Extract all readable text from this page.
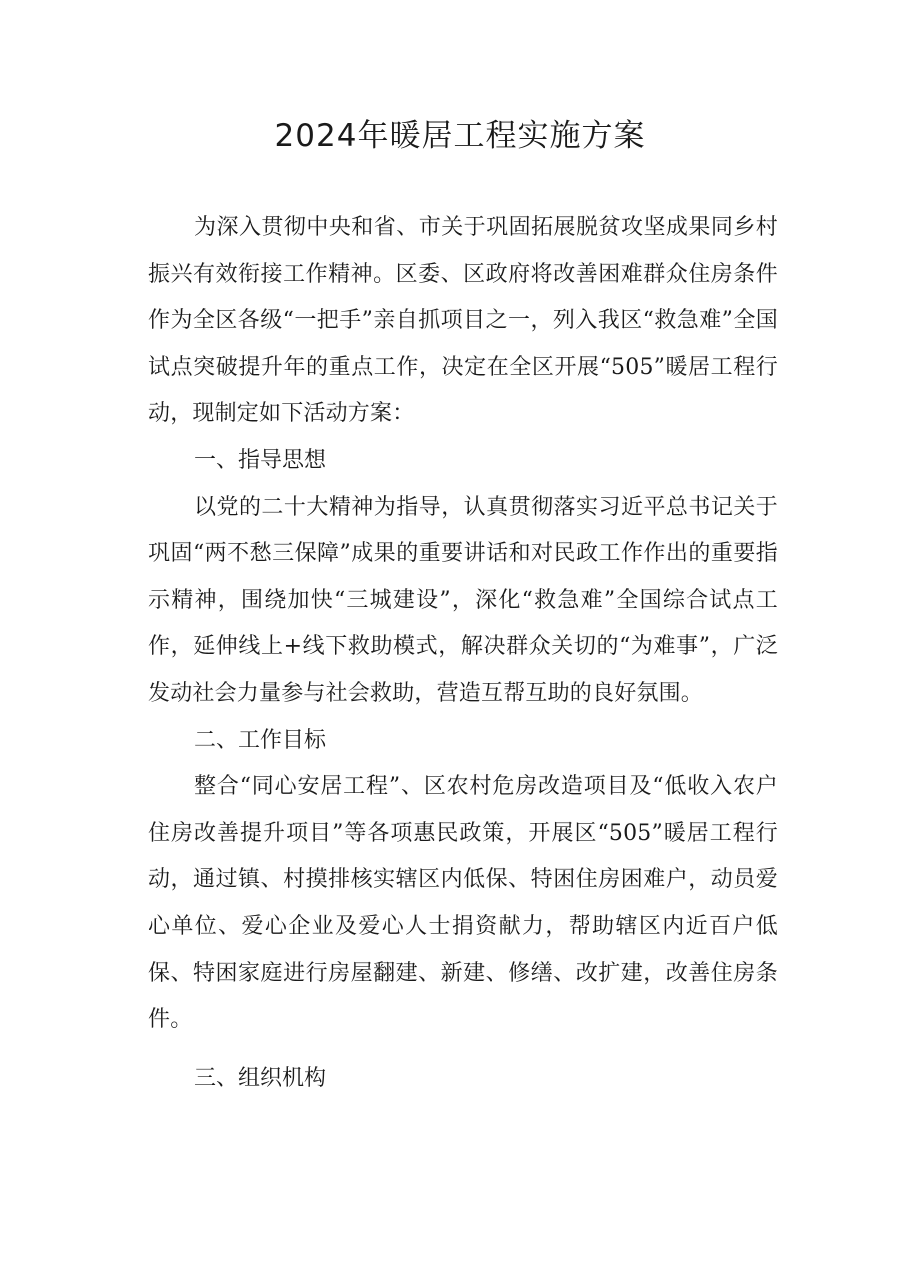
2024年暖居工程实施方案

为深入贯彻中央和省、市关于巩固拓展脱贫攻坚成果同乡村振兴有效衔接工作精神。区委、区政府将改善困难群众住房条件作为全区各级“一把手”亲自抓项目之一，列入我区“救急难”全国试点突破提升年的重点工作，决定在全区开展“505”暖居工程行动，现制定如下活动方案：

一、指导思想

以党的二十大精神为指导，认真贯彻落实习近平总书记关于巩固“两不愁三保障”成果的重要讲话和对民政工作作出的重要指示精神，围绕加快“三城建设”，深化“救急难”全国综合试点工作，延伸线上+线下救助模式，解决群众关切的“为难事”，广泛发动社会力量参与社会救助，营造互帮互助的良好氛围。

二、工作目标

整合“同心安居工程”、区农村危房改造项目及“低收入农户住房改善提升项目”等各项惠民政策，开展区“505”暖居工程行动，通过镇、村摸排核实辖区内低保、特困住房困难户，动员爱心单位、爱心企业及爱心人士捐资献力，帮助辖区内近百户低保、特困家庭进行房屋翻建、新建、修缮、改扩建，改善住房条件。

三、组织机构
